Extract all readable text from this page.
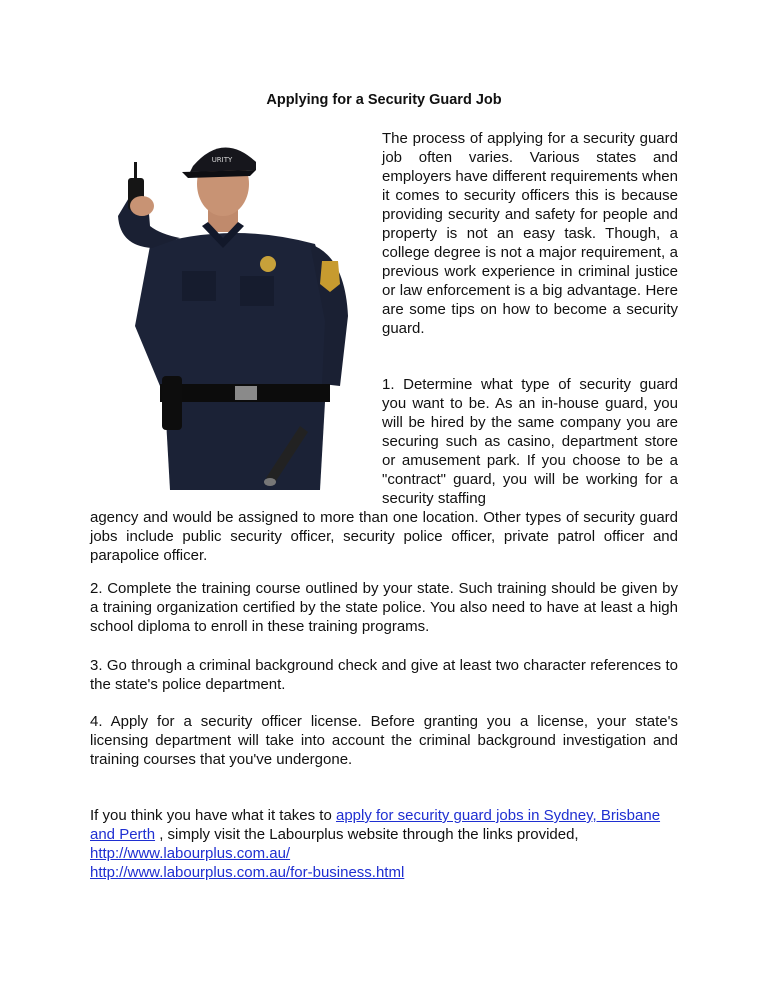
Applying for a Security Guard Job
URITY
The process of applying for a security guard job often varies. Various states and employers have different requirements when it comes to security officers this is because providing security and safety for people and property is not an easy task. Though, a college degree is not a major requirement, a previous work experience in criminal justice or law enforcement is a big advantage. Here are some tips on how to become a security guard.
1. Determine what type of security guard you want to be. As an in-house guard, you will be hired by the same company you are securing such as casino, department store or amusement park. If you choose to be a "contract" guard, you will be working for a security staffing
agency and would be assigned to more than one location. Other types of security guard jobs include public security officer, security police officer, private patrol officer and parapolice officer.
2. Complete the training course outlined by your state. Such training should be given by a training organization certified by the state police. You also need to have at least a high school diploma to enroll in these training programs.
3. Go through a criminal background check and give at least two character references to the state's police department.
4. Apply for a security officer license. Before granting you a license, your state's licensing department will take into account the criminal background investigation and training courses that you've undergone.
If you think you have what it takes to apply for security guard jobs in Sydney, Brisbane and Perth , simply visit the Labourplus website through the links provided, http://www.labourplus.com.au/
http://www.labourplus.com.au/for-business.html
